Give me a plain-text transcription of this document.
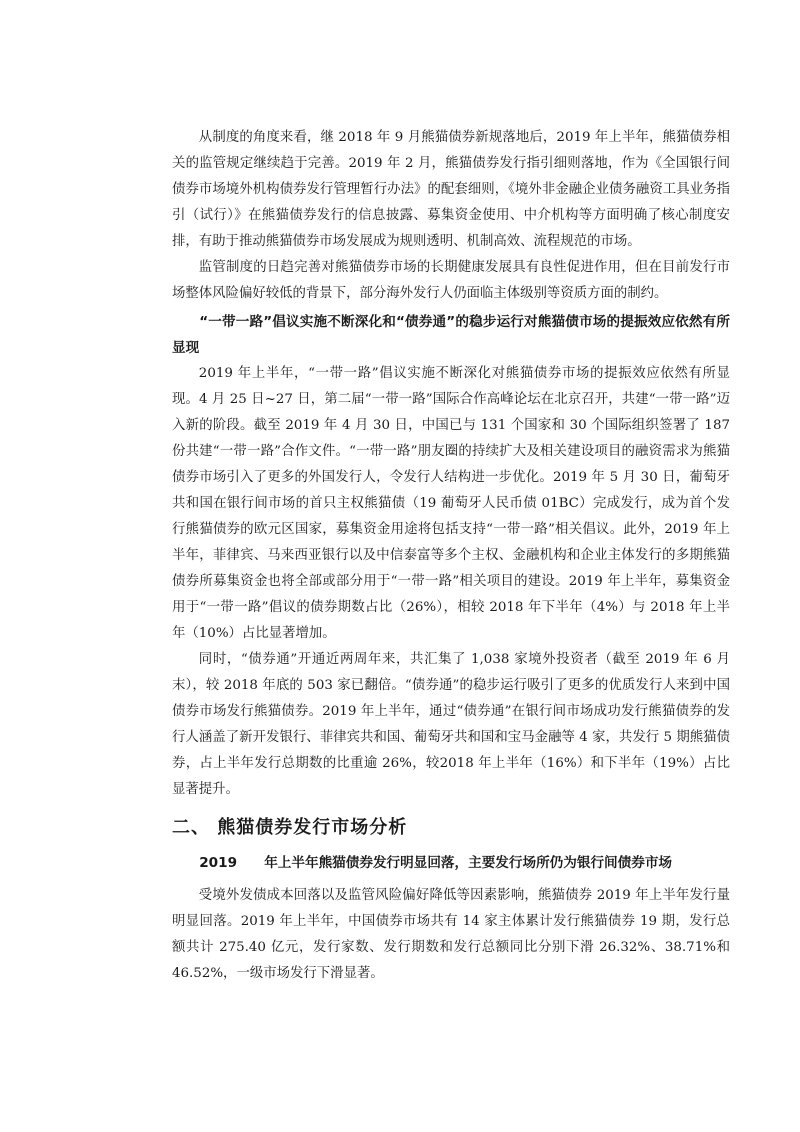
从制度的角度来看，继 2018 年 9 月熊猫债券新规落地后，2019 年上半年，熊猫债券相关的监管规定继续趋于完善。2019 年 2 月，熊猫债券发行指引细则落地，作为《全国银行间债券市场境外机构债券发行管理暂行办法》的配套细则，《境外非金融企业债务融资工具业务指引（试行）》在熊猫债券发行的信息披露、募集资金使用、中介机构等方面明确了核心制度安排，有助于推动熊猫债券市场发展成为规则透明、机制高效、流程规范的市场。

监管制度的日趋完善对熊猫债券市场的长期健康发展具有良性促进作用，但在目前发行市场整体风险偏好较低的背景下，部分海外发行人仍面临主体级别等资质方面的制约。

“一带一路”倡议实施不断深化和“债券通”的稳步运行对熊猫债市场的提振效应依然有所显现

2019 年上半年，“一带一路”倡议实施不断深化对熊猫债券市场的提振效应依然有所显现。4 月 25 日~27 日，第二届“一带一路”国际合作高峰论坛在北京召开，共建“一带一路”迈入新的阶段。截至 2019 年 4 月 30 日，中国已与 131 个国家和 30 个国际组织签署了 187 份共建“一带一路”合作文件。“一带一路”朋友圈的持续扩大及相关建设项目的融资需求为熊猫债券市场引入了更多的外国发行人，令发行人结构进一步优化。2019 年 5 月 30 日，葡萄牙共和国在银行间市场的首只主权熊猫债（19 葡萄牙人民币债 01BC）完成发行，成为首个发行熊猫债券的欧元区国家，募集资金用途将包括支持“一带一路”相关倡议。此外，2019 年上半年，菲律宾、马来西亚银行以及中信泰富等多个主权、金融机构和企业主体发行的多期熊猫债券所募集资金也将全部或部分用于“一带一路”相关项目的建设。2019 年上半年，募集资金用于“一带一路”倡议的债券期数占比（26%），相较 2018 年下半年（4%）与 2018 年上半年（10%）占比显著增加。

同时，“债券通”开通近两周年来，共汇集了 1,038 家境外投资者（截至 2019 年 6 月末），较 2018 年底的 503 家已翻倍。“债券通”的稳步运行吸引了更多的优质发行人来到中国债券市场发行熊猫债券。2019 年上半年，通过“债券通”在银行间市场成功发行熊猫债券的发行人涵盖了新开发银行、菲律宾共和国、葡萄牙共和国和宝马金融等 4 家，共发行 5 期熊猫债券，占上半年发行总期数的比重逾 26%，较2018 年上半年（16%）和下半年（19%）占比显著提升。

二、 熊猫债券发行市场分析

2019　　年上半年熊猫债券发行明显回落，主要发行场所仍为银行间债券市场

受境外发债成本回落以及监管风险偏好降低等因素影响，熊猫债券 2019 年上半年发行量明显回落。2019 年上半年，中国债券市场共有 14 家主体累计发行熊猫债券 19 期，发行总额共计 275.40 亿元，发行家数、发行期数和发行总额同比分别下滑 26.32%、38.71%和 46.52%，一级市场发行下滑显著。
